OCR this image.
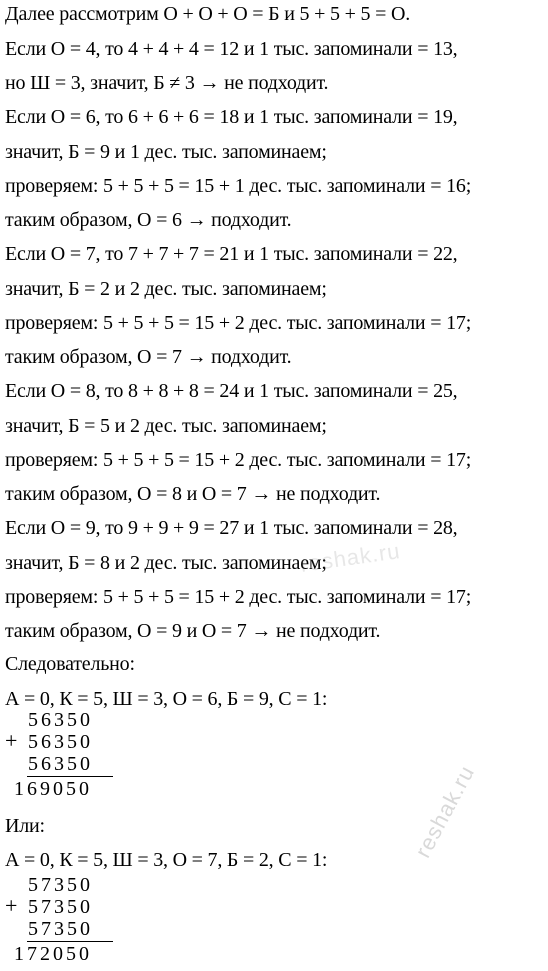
Далее рассмотрим О + О + О = Б и 5 + 5 + 5 = О.
Если О = 4, то 4 + 4 + 4 = 12 и 1 тыс. запоминали = 13,
но Ш = 3, значит, Б ≠ 3 → не подходит.
Если О = 6, то 6 + 6 + 6 = 18 и 1 тыс. запоминали = 19,
значит, Б = 9 и 1 дес. тыс. запоминаем;
проверяем: 5 + 5 + 5 = 15 + 1 дес. тыс. запоминали = 16;
таким образом, О = 6 → подходит.
Если О = 7, то 7 + 7 + 7 = 21 и 1 тыс. запоминали = 22,
значит, Б = 2 и 2 дес. тыс. запоминаем;
проверяем: 5 + 5 + 5 = 15 + 2 дес. тыс. запоминали = 17;
таким образом, О = 7 → подходит.
Если О = 8, то 8 + 8 + 8 = 24 и 1 тыс. запоминали = 25,
значит, Б = 5 и 2 дес. тыс. запоминаем;
проверяем: 5 + 5 + 5 = 15 + 2 дес. тыс. запоминали = 17;
таким образом, О = 8 и О = 7 → не подходит.
Если О = 9, то 9 + 9 + 9 = 27 и 1 тыс. запоминали = 28,
значит, Б = 8 и 2 дес. тыс. запоминаем;
проверяем: 5 + 5 + 5 = 15 + 2 дес. тыс. запоминали = 17;
таким образом, О = 9 и О = 7 → не подходит.
Следовательно:
А = 0, К = 5, Ш = 3, О = 6, Б = 9, С = 1:
+
56350
56350
56350
169050
Или:
А = 0, К = 5, Ш = 3, О = 7, Б = 2, С = 1:
+
57350
57350
57350
172050
reshak.ru
reshak.ru
